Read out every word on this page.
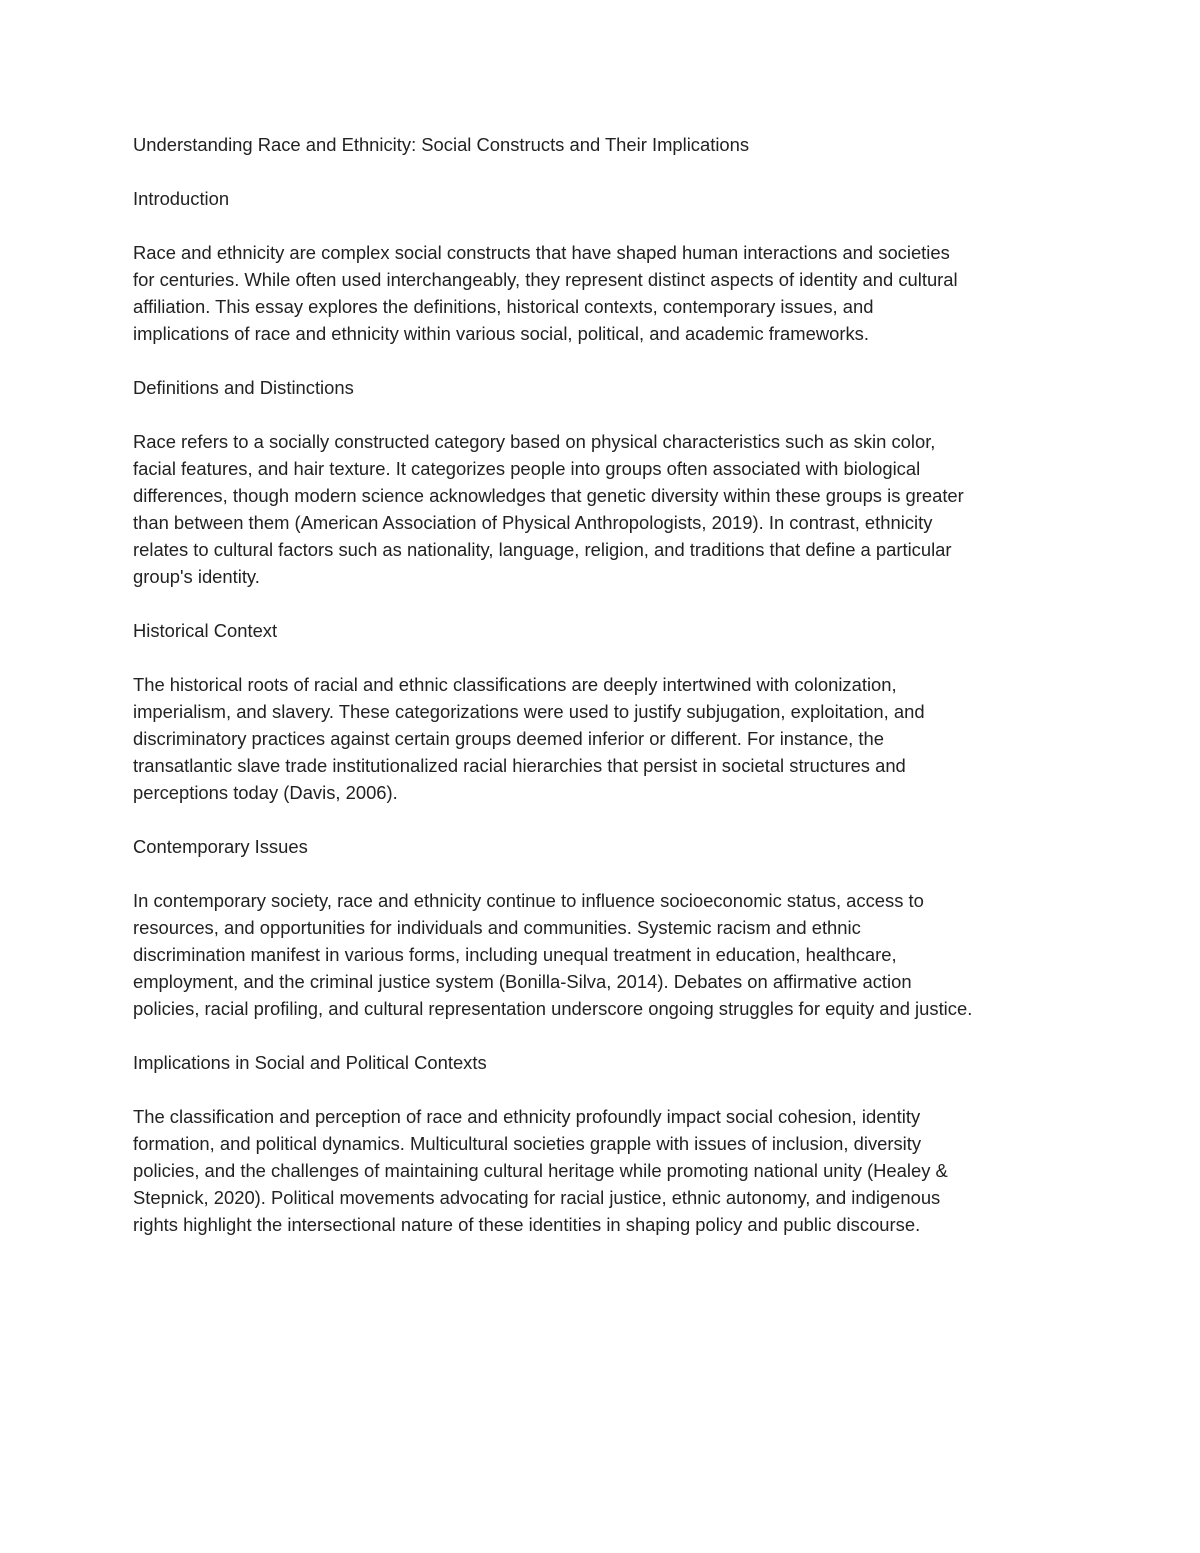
Understanding Race and Ethnicity: Social Constructs and Their Implications

Introduction

Race and ethnicity are complex social constructs that have shaped human interactions and societies for centuries. While often used interchangeably, they represent distinct aspects of identity and cultural affiliation. This essay explores the definitions, historical contexts, contemporary issues, and implications of race and ethnicity within various social, political, and academic frameworks.

Definitions and Distinctions

Race refers to a socially constructed category based on physical characteristics such as skin color, facial features, and hair texture. It categorizes people into groups often associated with biological differences, though modern science acknowledges that genetic diversity within these groups is greater than between them (American Association of Physical Anthropologists, 2019). In contrast, ethnicity relates to cultural factors such as nationality, language, religion, and traditions that define a particular group's identity.

Historical Context

The historical roots of racial and ethnic classifications are deeply intertwined with colonization, imperialism, and slavery. These categorizations were used to justify subjugation, exploitation, and discriminatory practices against certain groups deemed inferior or different. For instance, the transatlantic slave trade institutionalized racial hierarchies that persist in societal structures and perceptions today (Davis, 2006).

Contemporary Issues

In contemporary society, race and ethnicity continue to influence socioeconomic status, access to resources, and opportunities for individuals and communities. Systemic racism and ethnic discrimination manifest in various forms, including unequal treatment in education, healthcare, employment, and the criminal justice system (Bonilla-Silva, 2014). Debates on affirmative action policies, racial profiling, and cultural representation underscore ongoing struggles for equity and justice.

Implications in Social and Political Contexts

The classification and perception of race and ethnicity profoundly impact social cohesion, identity formation, and political dynamics. Multicultural societies grapple with issues of inclusion, diversity policies, and the challenges of maintaining cultural heritage while promoting national unity (Healey & Stepnick, 2020). Political movements advocating for racial justice, ethnic autonomy, and indigenous rights highlight the intersectional nature of these identities in shaping policy and public discourse.
